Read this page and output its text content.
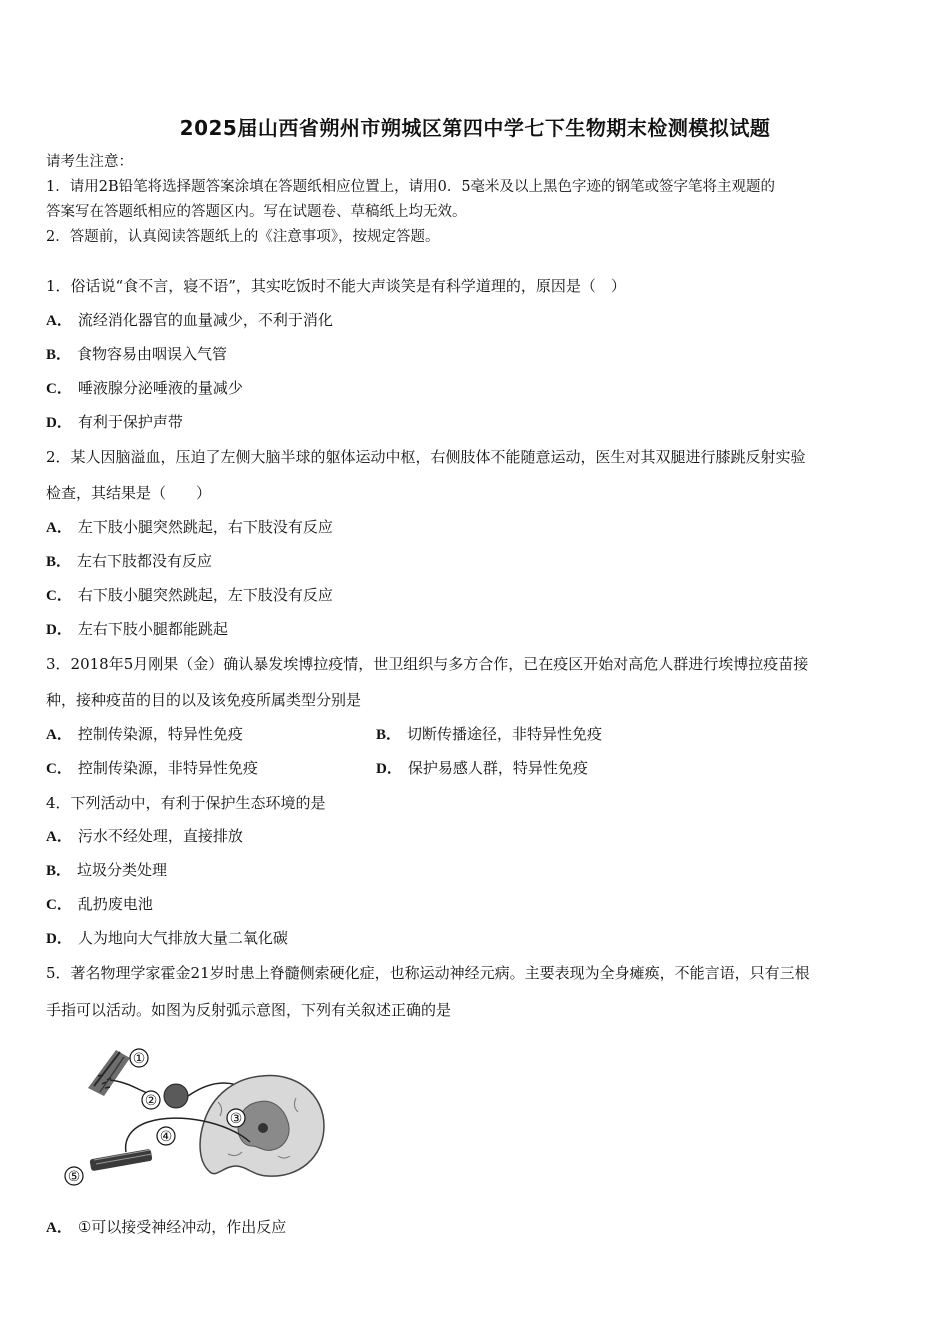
2025届山西省朔州市朔城区第四中学七下生物期末检测模拟试题
请考生注意：
1．请用2B铅笔将选择题答案涂填在答题纸相应位置上，请用0．5毫米及以上黑色字迹的钢笔或签字笔将主观题的
答案写在答题纸相应的答题区内。写在试题卷、草稿纸上均无效。
2．答题前，认真阅读答题纸上的《注意事项》，按规定答题。
1．俗话说“食不言，寝不语”，其实吃饭时不能大声谈笑是有科学道理的，原因是（　）
A． 流经消化器官的血量减少，不利于消化
B． 食物容易由咽误入气管
C． 唾液腺分泌唾液的量减少
D． 有利于保护声带
2．某人因脑溢血，压迫了左侧大脑半球的躯体运动中枢，右侧肢体不能随意运动，医生对其双腿进行膝跳反射实验
检查，其结果是（　　）
A． 左下肢小腿突然跳起，右下肢没有反应
B． 左右下肢都没有反应
C． 右下肢小腿突然跳起，左下肢没有反应
D． 左右下肢小腿都能跳起
3．2018年5月刚果（金）确认暴发埃博拉疫情，世卫组织与多方合作，已在疫区开始对高危人群进行埃博拉疫苗接
种，接种疫苗的目的以及该免疫所属类型分别是
A． 控制传染源，特异性免疫	B． 切断传播途径，非特异性免疫
C． 控制传染源，非特异性免疫	D． 保护易感人群，特异性免疫
4．下列活动中，有利于保护生态环境的是
A． 污水不经处理，直接排放
B． 垃圾分类处理
C． 乱扔废电池
D． 人为地向大气排放大量二氧化碳
5．著名物理学家霍金21岁时患上脊髓侧索硬化症，也称运动神经元病。主要表现为全身瘫痪，不能言语，只有三根
手指可以活动。如图为反射弧示意图，下列有关叙述正确的是
①
②
③
④
⑤
A． ①可以接受神经冲动，作出反应
